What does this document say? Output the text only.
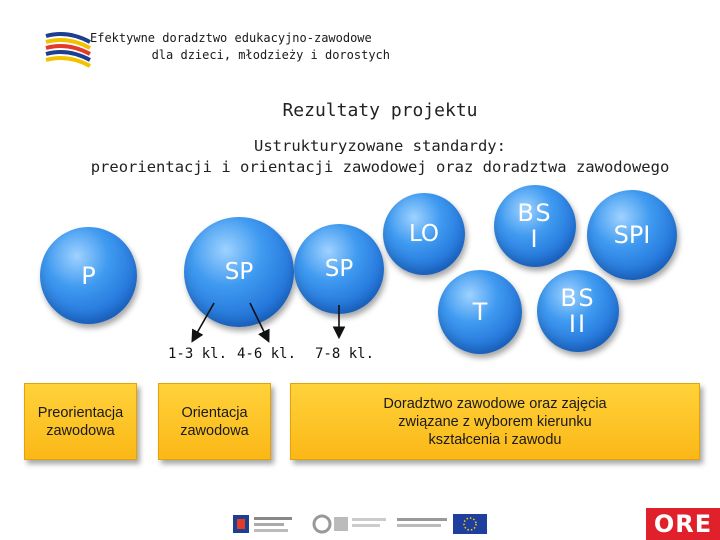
Efektywne doradztwo edukacyjno-zawodowe
dla dzieci, młodzieży i dorostych
Rezultaty projektu
Ustrukturyzowane standardy:
preorientacji i orientacji zawodowej oraz doradztwa zawodowego
P	SP	SP
LO
BS
I	SPI
T	BS
II
1-3 kl. 4-6 kl. 7-8 kl.
Preorientacja zawodowa
Orientacja zawodowa
Doradztwo zawodowe oraz zajęcia związane z wyborem kierunku kształcenia i zawodu
ORE
